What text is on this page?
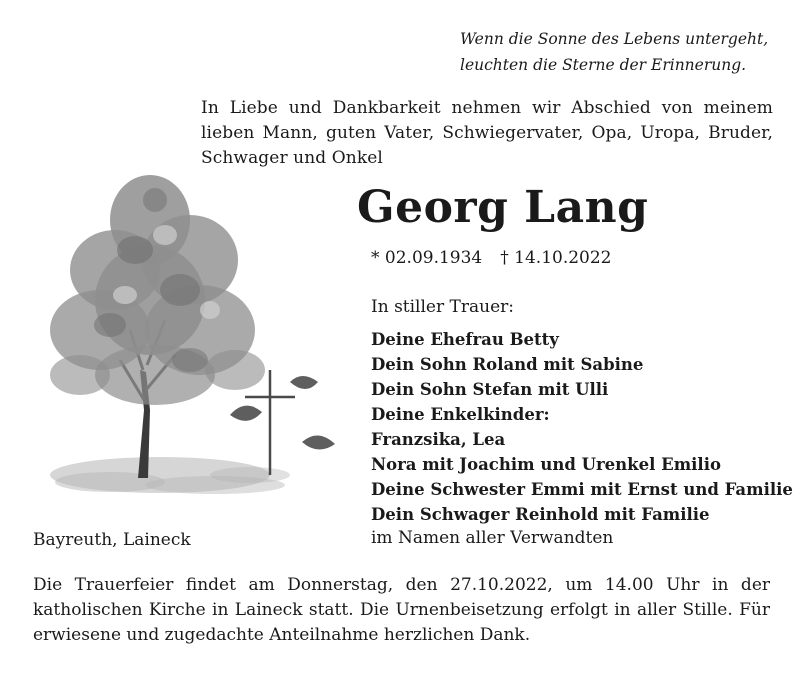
Wenn die Sonne des Lebens untergeht,
leuchten die Sterne der Erinnerung.
In Liebe und Dankbarkeit nehmen wir Abschied von meinem lieben Mann, guten Vater, Schwiegervater, Opa, Uropa, Bruder, Schwager und Onkel
Georg Lang
* 02.09.1934 † 14.10.2022
In stiller Trauer:
Deine Ehefrau Betty
Dein Sohn Roland mit Sabine
Dein Sohn Stefan mit Ulli
Deine Enkelkinder:
Franzsika, Lea
Nora mit Joachim und Urenkel Emilio
Deine Schwester Emmi mit Ernst und Familie
Dein Schwager Reinhold mit Familie
im Namen aller Verwandten
Bayreuth, Laineck
Die Trauerfeier findet am Donnerstag, den 27.10.2022, um 14.00 Uhr in der katholischen Kirche in Laineck statt. Die Urnenbeisetzung erfolgt in aller Stille. Für erwiesene und zugedachte Anteilnahme herzlichen Dank.
